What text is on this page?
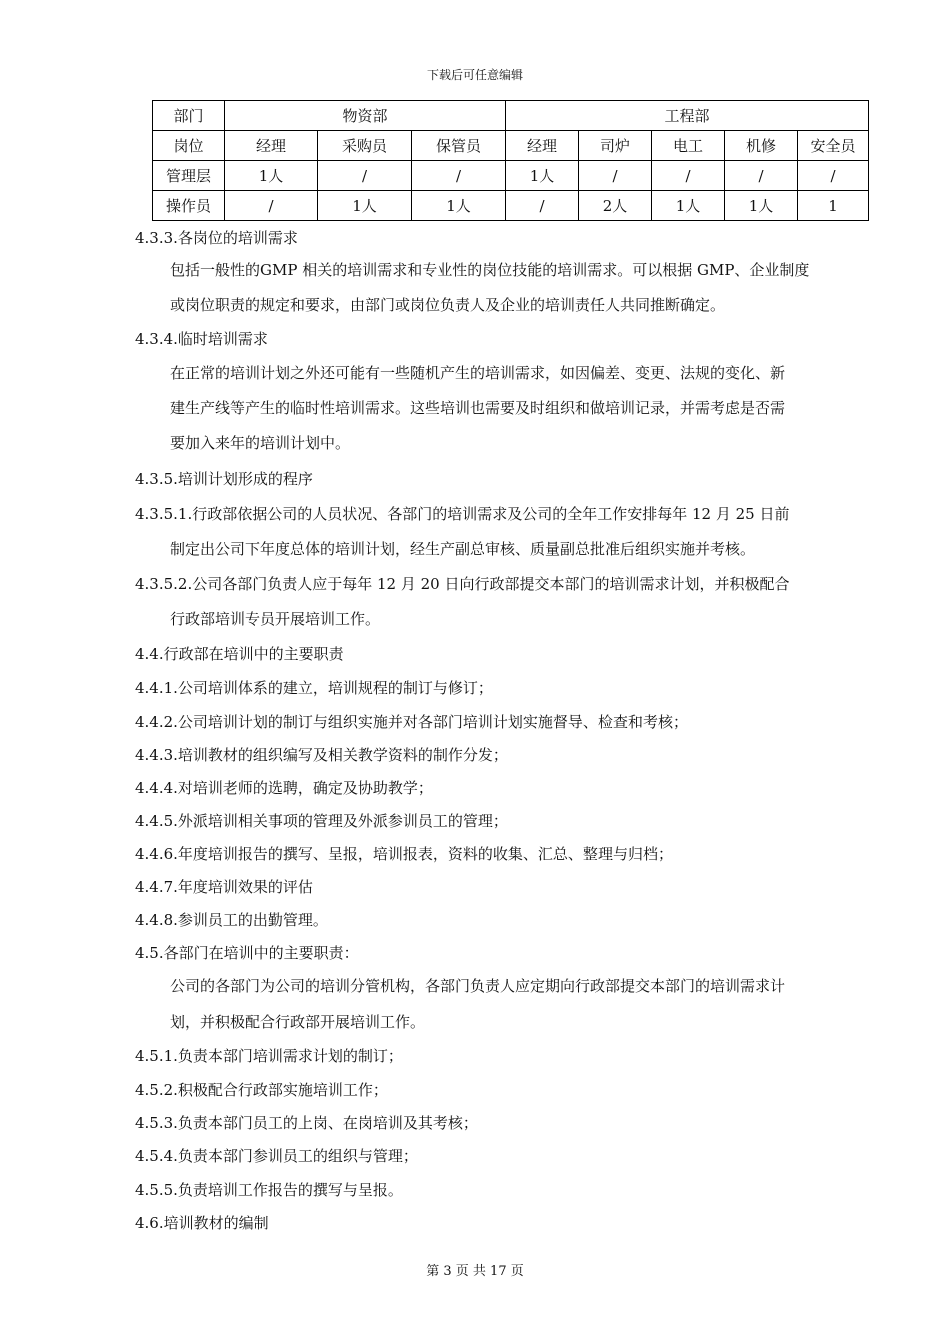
下载后可任意编辑
部门	物资部			工程部				
岗位	经理	采购员	保管员	经理	司炉	电工	机修	安全员
管理层	1人	/	/	1人	/	/	/	/
操作员	/	1人	1人	/	2人	1人	1人	1
4.3.3.各岗位的培训需求
包括一般性的GMP 相关的培训需求和专业性的岗位技能的培训需求。可以根据 GMP、企业制度
或岗位职责的规定和要求，由部门或岗位负责人及企业的培训责任人共同推断确定。
4.3.4.临时培训需求
在正常的培训计划之外还可能有一些随机产生的培训需求，如因偏差、变更、法规的变化、新
建生产线等产生的临时性培训需求。这些培训也需要及时组织和做培训记录，并需考虑是否需
要加入来年的培训计划中。
4.3.5.培训计划形成的程序
4.3.5.1.行政部依据公司的人员状况、各部门的培训需求及公司的全年工作安排每年 12 月 25 日前
制定出公司下年度总体的培训计划，经生产副总审核、质量副总批准后组织实施并考核。
4.3.5.2.公司各部门负责人应于每年 12 月 20 日向行政部提交本部门的培训需求计划，并积极配合
行政部培训专员开展培训工作。
4.4.行政部在培训中的主要职责
4.4.1.公司培训体系的建立，培训规程的制订与修订；
4.4.2.公司培训计划的制订与组织实施并对各部门培训计划实施督导、检查和考核；
4.4.3.培训教材的组织编写及相关教学资料的制作分发；
4.4.4.对培训老师的选聘，确定及协助教学；
4.4.5.外派培训相关事项的管理及外派参训员工的管理；
4.4.6.年度培训报告的撰写、呈报，培训报表，资料的收集、汇总、整理与归档；
4.4.7.年度培训效果的评估
4.4.8.参训员工的出勤管理。
4.5.各部门在培训中的主要职责：
公司的各部门为公司的培训分管机构，各部门负责人应定期向行政部提交本部门的培训需求计
划，并积极配合行政部开展培训工作。
4.5.1.负责本部门培训需求计划的制订；
4.5.2.积极配合行政部实施培训工作；
4.5.3.负责本部门员工的上岗、在岗培训及其考核；
4.5.4.负责本部门参训员工的组织与管理；
4.5.5.负责培训工作报告的撰写与呈报。
4.6.培训教材的编制
第 3 页 共 17 页
